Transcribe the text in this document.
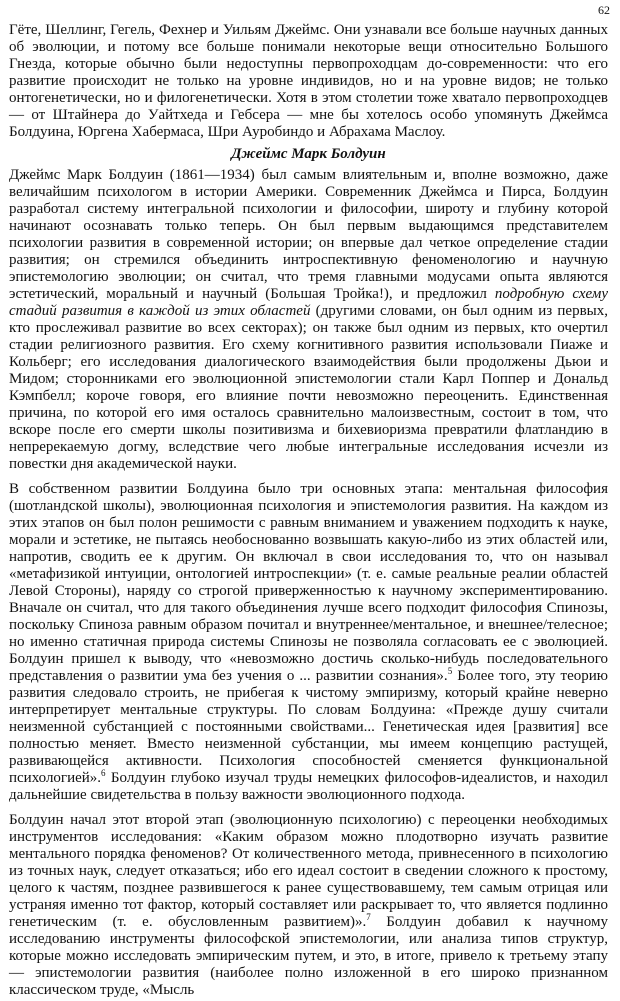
62

Гёте, Шеллинг, Гегель, Фехнер и Уильям Джеймс. Они узнавали все больше научных данных об эволюции, и потому все больше понимали некоторые вещи относительно Большого Гнезда, которые обычно были недоступны первопроходцам до-современности: что его развитие происходит не только на уровне индивидов, но и на уровне видов; не только онтогенетически, но и филогенетически. Хотя в этом столетии тоже хватало первопроходцев — от Штайнера до Уайтхеда и Гебсера — мне бы хотелось особо упомянуть Джеймса Болдуина, Юргена Хабермаса, Шри Ауробиндо и Абрахама Маслоу.

Джеймс Марк Болдуин

Джеймс Марк Болдуин (1861—1934) был самым влиятельным и, вполне возможно, даже величайшим психологом в истории Америки. Современник Джеймса и Пирса, Болдуин разработал систему интегральной психологии и философии, широту и глубину которой начинают осознавать только теперь. Он был первым выдающимся представителем психологии развития в современной истории; он впервые дал четкое определение стадии развития; он стремился объединить интроспективную феноменологию и научную эпистемологию эволюции; он считал, что тремя главными модусами опыта являются эстетический, моральный и научный (Большая Тройка!), и предложил подробную схему стадий развития в каждой из этих областей (другими словами, он был одним из первых, кто прослеживал развитие во всех секторах); он также был одним из первых, кто очертил стадии религиозного развития. Его схему когнитивного развития использовали Пиаже и Кольберг; его исследования диалогического взаимодействия были продолжены Дьюи и Мидом; сторонниками его эволюционной эпистемологии стали Карл Поппер и Дональд Кэмпбелл; короче говоря, его влияние почти невозможно переоценить. Единственная причина, по которой его имя осталось сравнительно малоизвестным, состоит в том, что вскоре после его смерти школы позитивизма и бихевиоризма превратили флатландию в непререкаемую догму, вследствие чего любые интегральные исследования исчезли из повестки дня академической науки.

В собственном развитии Болдуина было три основных этапа: ментальная философия (шотландской школы), эволюционная психология и эпистемология развития. На каждом из этих этапов он был полон решимости с равным вниманием и уважением подходить к науке, морали и эстетике, не пытаясь необоснованно возвышать какую-либо из этих областей или, напротив, сводить ее к другим. Он включал в свои исследования то, что он называл «метафизикой интуиции, онтологией интроспекции» (т. е. самые реальные реалии областей Левой Стороны), наряду со строгой приверженностью к научному экспериментированию. Вначале он считал, что для такого объединения лучше всего подходит философия Спинозы, поскольку Спиноза равным образом почитал и внутреннее/ментальное, и внешнее/телесное; но именно статичная природа системы Спинозы не позволяла согласовать ее с эволюцией. Болдуин пришел к выводу, что «невозможно достичь сколько-нибудь последовательного представления о развитии ума без учения о ... развитии сознания».$^5$ Более того, эту теорию развития следовало строить, не прибегая к чистому эмпиризму, который крайне неверно интерпретирует ментальные структуры. По словам Болдуина: «Прежде душу считали неизменной субстанцией с постоянными свойствами... Генетическая идея [развития] все полностью меняет. Вместо неизменной субстанции, мы имеем концепцию растущей, развивающейся активности. Психология способностей сменяется функциональной психологией».$^6$ Болдуин глубоко изучал труды немецких философов-идеалистов, и находил дальнейшие свидетельства в пользу важности эволюционного подхода.

Болдуин начал этот второй этап (эволюционную психологию) с переоценки необходимых инструментов исследования: «Каким образом можно плодотворно изучать развитие ментального порядка феноменов? От количественного метода, привнесенного в психологию из точных наук, следует отказаться; ибо его идеал состоит в сведении сложного к простому, целого к частям, позднее развившегося к ранее существовавшему, тем самым отрицая или устраняя именно тот фактор, который составляет или раскрывает то, что является подлинно генетическим (т. е. обусловленным развитием)».$^7$ Болдуин добавил к научному исследованию инструменты философской эпистемологии, или анализа типов структур, которые можно исследовать эмпирическим путем, и это, в итоге, привело к третьему этапу — эпистемологии развития (наиболее полно изложенной в его широко признанном классическом труде, «Мысль
